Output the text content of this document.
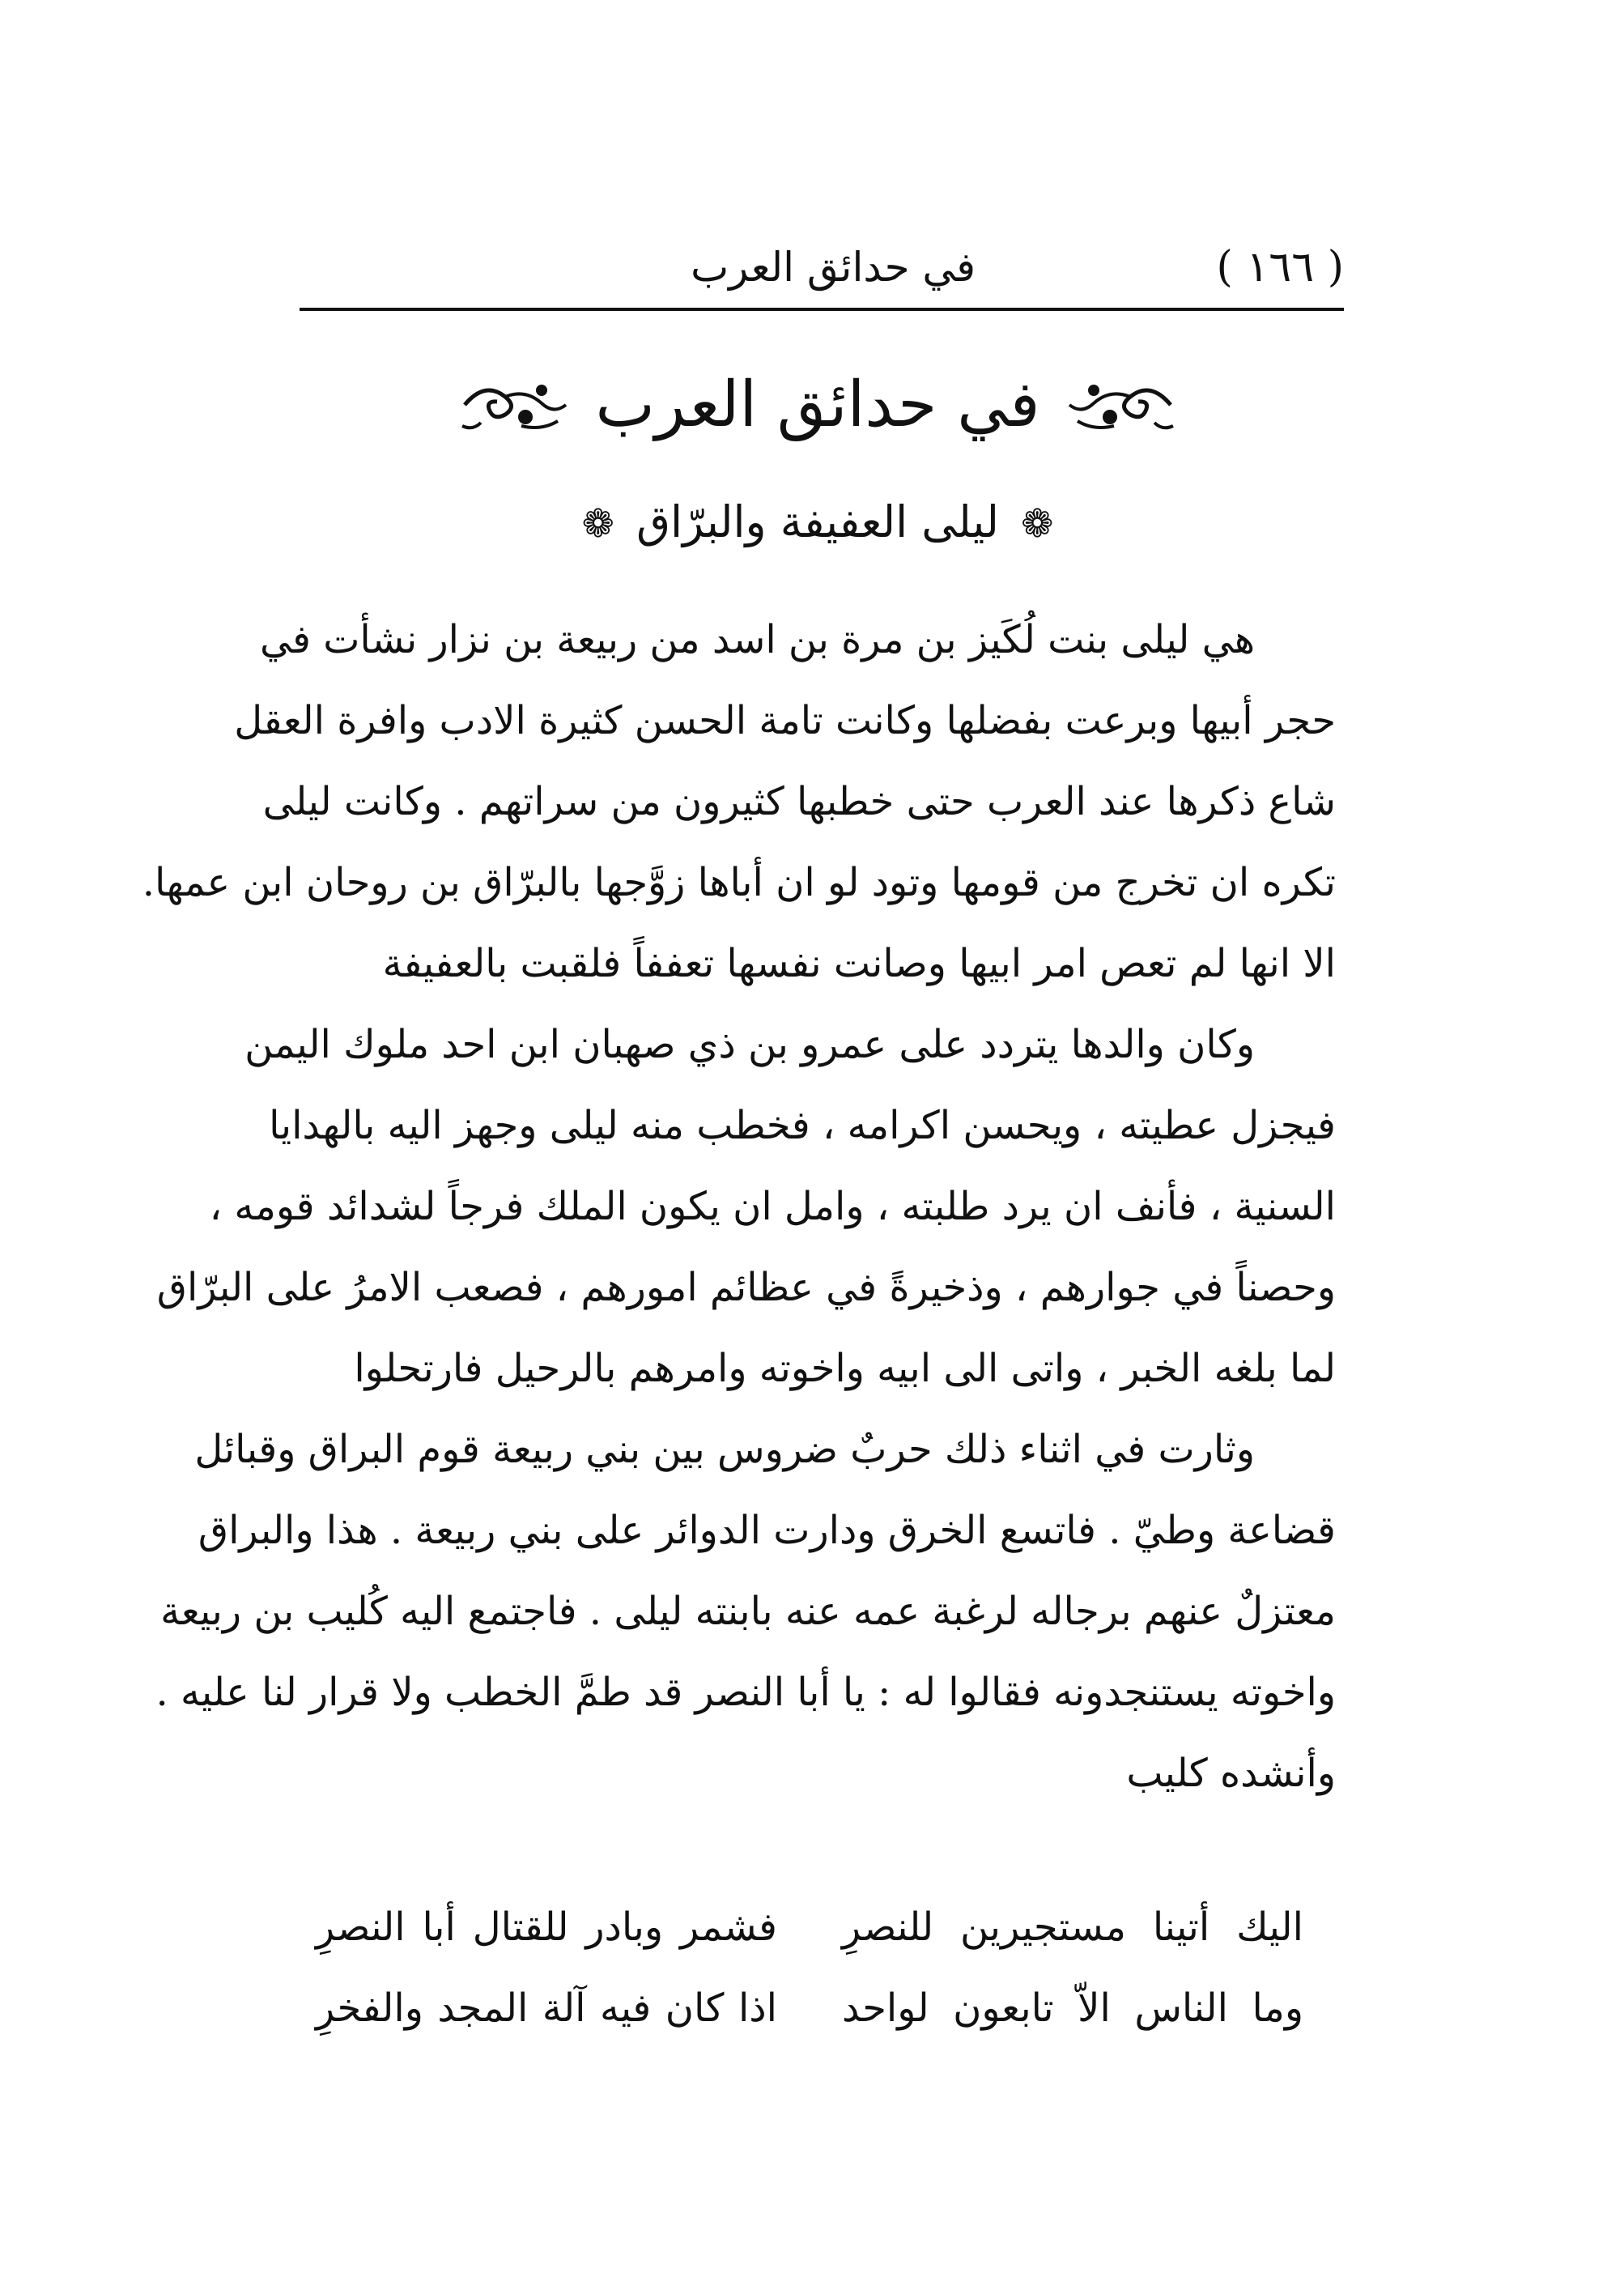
( ١٦٦ )
في حدائق العرب
في حدائق العرب
❁ ليلى العفيفة والبرّاق ❁
هي ليلى بنت لُكَيز بن مرة بن اسد من ربيعة بن نزار نشأت في
حجر أبيها وبرعت بفضلها وكانت تامة الحسن كثيرة الادب وافرة العقل
شاع ذكرها عند العرب حتى خطبها كثيرون من سراتهم . وكانت ليلى
تكره ان تخرج من قومها وتود لو ان أباها زوَّجها بالبرّاق بن روحان ابن عمها.
الا انها لم تعص امر ابيها وصانت نفسها تعففاً فلقبت بالعفيفة
وكان والدها يتردد على عمرو بن ذي صهبان ابن احد ملوك اليمن
فيجزل عطيته ، ويحسن اكرامه ، فخطب منه ليلى وجهز اليه بالهدايا
السنية ، فأنف ان يرد طلبته ، وامل ان يكون الملك فرجاً لشدائد قومه ،
وحصناً في جوارهم ، وذخيرةً في عظائم امورهم ، فصعب الامرُ على البرّاق
لما بلغه الخبر ، واتى الى ابيه واخوته وامرهم بالرحيل فارتحلوا
وثارت في اثناء ذلك حربٌ ضروس بين بني ربيعة قوم البراق وقبائل
قضاعة وطيّ . فاتسع الخرق ودارت الدوائر على بني ربيعة . هذا والبراق
معتزلٌ عنهم برجاله لرغبة عمه عنه بابنته ليلى . فاجتمع اليه كُليب بن ربيعة
واخوته يستنجدونه فقالوا له : يا أبا النصر قد طمَّ الخطب ولا قرار لنا عليه .
وأنشده كليب
اليك أتينا مستجيرين للنصرِ
فشمر وبادر للقتال أبا النصرِ
وما الناس الاّ تابعون لواحد
اذا كان فيه آلة المجد والفخرِ
